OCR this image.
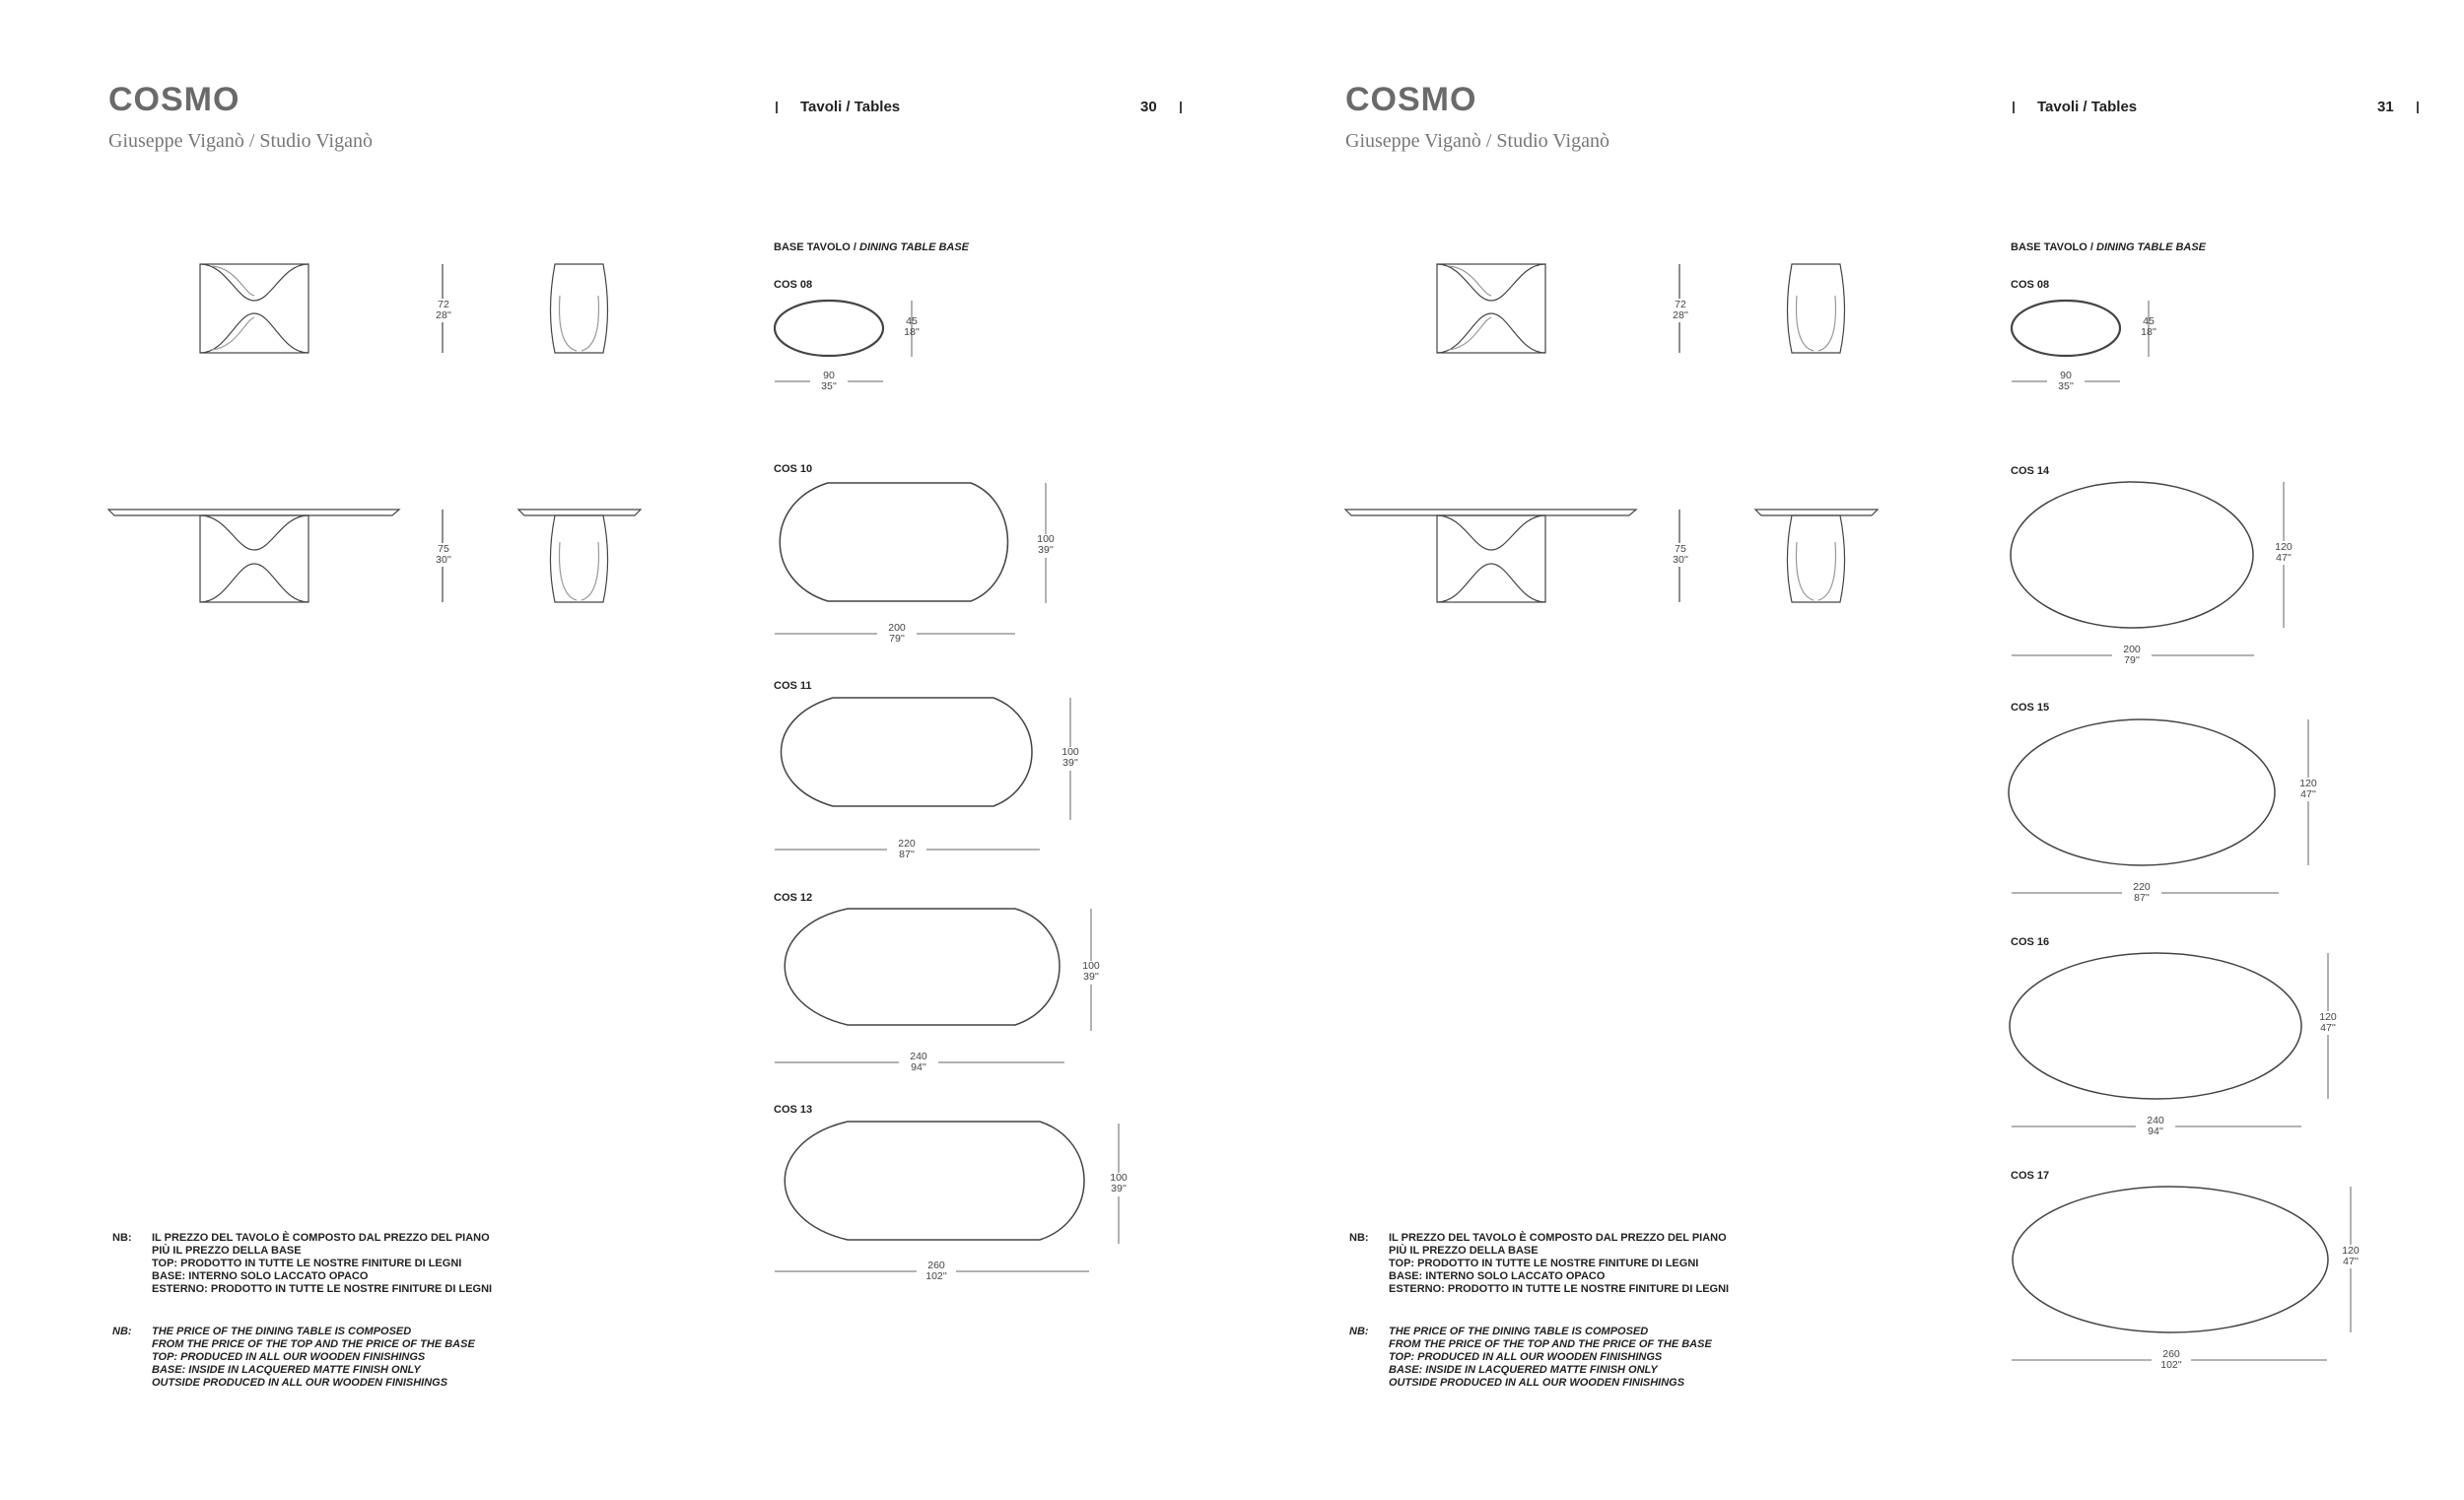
COSMO
Giuseppe Viganò / Studio Viganò
Tavoli / Tables	30
72
28''
75
30''
BASE TAVOLO / DINING TABLE BASE
COS 08
45
18''
90
35''
COS 10
100
39''
200
79''
COS 11
100
39''
220
87''
COS 12
100
39''
240
94''
COS 13
100
39''
260
102''
NB: IL PREZZO DEL TAVOLO È COMPOSTO DAL PREZZO DEL PIANO
PIÙ IL PREZZO DELLA BASE
TOP: PRODOTTO IN TUTTE LE NOSTRE FINITURE DI LEGNI
BASE: INTERNO SOLO LACCATO OPACO
ESTERNO: PRODOTTO IN TUTTE LE NOSTRE FINITURE DI LEGNI
NB: THE PRICE OF THE DINING TABLE IS COMPOSED
FROM THE PRICE OF THE TOP AND THE PRICE OF THE BASE
TOP: PRODUCED IN ALL OUR WOODEN FINISHINGS
BASE: INSIDE IN LACQUERED MATTE FINISH ONLY
OUTSIDE PRODUCED IN ALL OUR WOODEN FINISHINGS
COSMO
Giuseppe Viganò / Studio Viganò
Tavoli / Tables	31
72
28''
75
30''
BASE TAVOLO / DINING TABLE BASE
COS 08
45
18''
90
35''
COS 14
120
47''
200
79''
COS 15
120
47''
220
87''
COS 16
120
47''
240
94''
COS 17
120
47''
260
102''
NB: IL PREZZO DEL TAVOLO È COMPOSTO DAL PREZZO DEL PIANO
PIÙ IL PREZZO DELLA BASE
TOP: PRODOTTO IN TUTTE LE NOSTRE FINITURE DI LEGNI
BASE: INTERNO SOLO LACCATO OPACO
ESTERNO: PRODOTTO IN TUTTE LE NOSTRE FINITURE DI LEGNI
NB: THE PRICE OF THE DINING TABLE IS COMPOSED
FROM THE PRICE OF THE TOP AND THE PRICE OF THE BASE
TOP: PRODUCED IN ALL OUR WOODEN FINISHINGS
BASE: INSIDE IN LACQUERED MATTE FINISH ONLY
OUTSIDE PRODUCED IN ALL OUR WOODEN FINISHINGS
